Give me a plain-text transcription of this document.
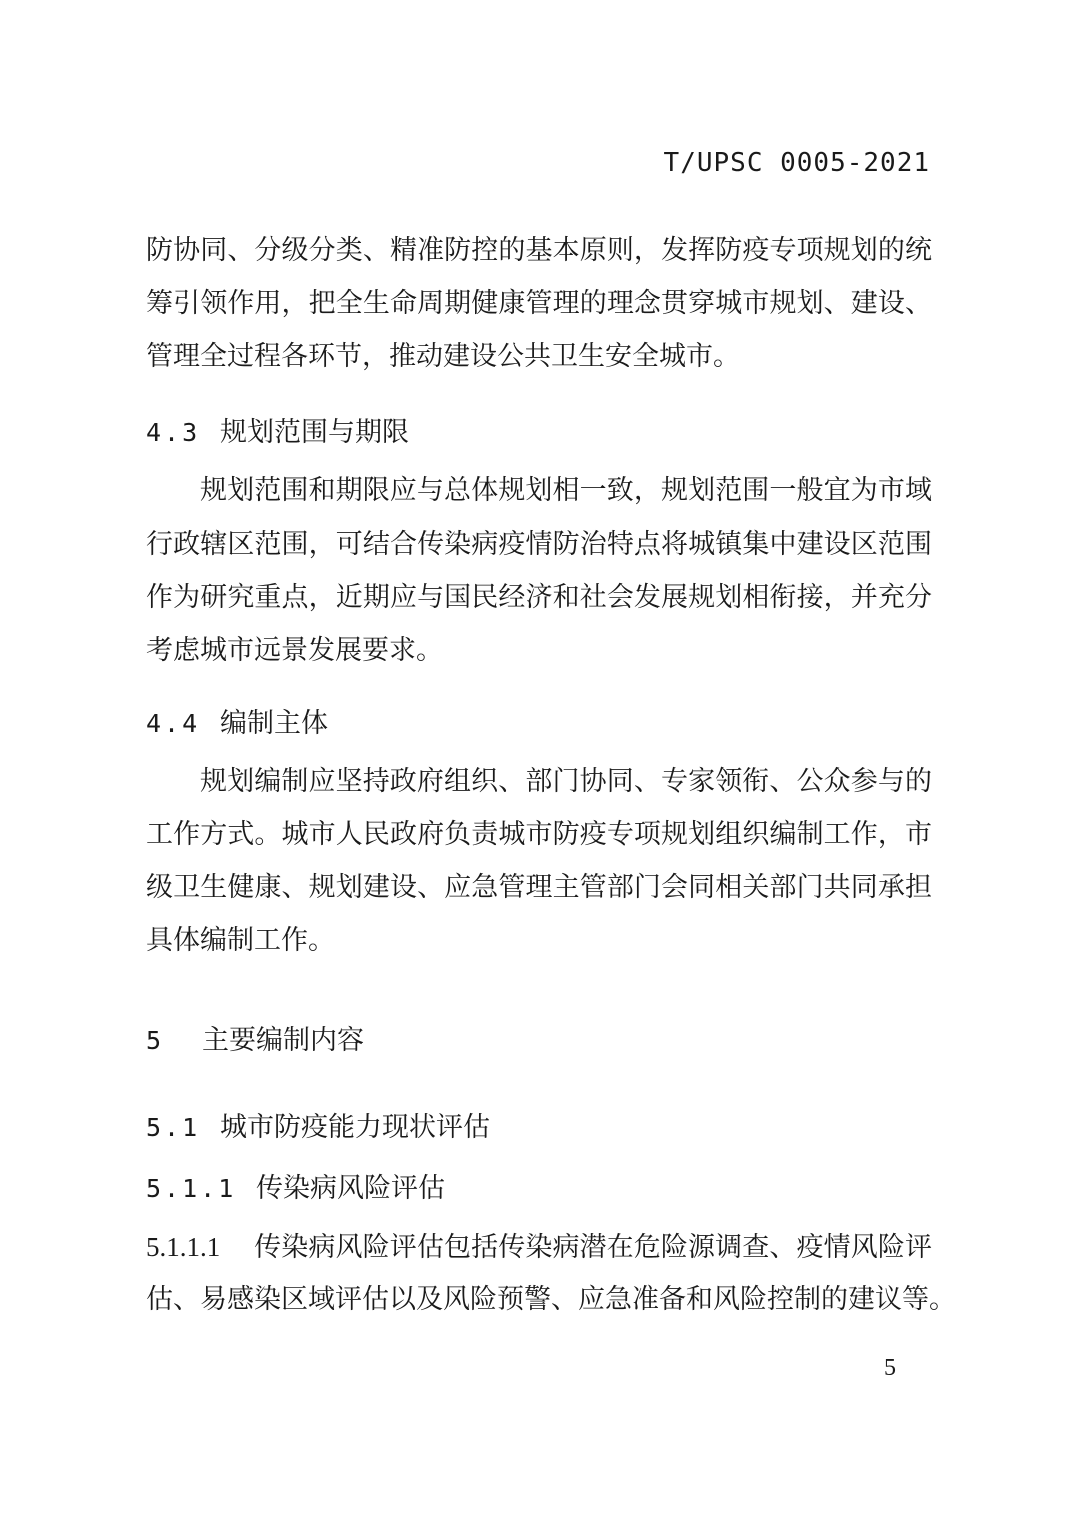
T/UPSC 0005-2021
防协同、分级分类、精准防控的基本原则，发挥防疫专项规划的统
筹引领作用，把全生命周期健康管理的理念贯穿城市规划、建设、
管理全过程各环节，推动建设公共卫生安全城市。
4.3 规划范围与期限
规划范围和期限应与总体规划相一致，规划范围一般宜为市域
行政辖区范围，可结合传染病疫情防治特点将城镇集中建设区范围
作为研究重点，近期应与国民经济和社会发展规划相衔接，并充分
考虑城市远景发展要求。
4.4 编制主体
规划编制应坚持政府组织、部门协同、专家领衔、公众参与的
工作方式。城市人民政府负责城市防疫专项规划组织编制工作，市
级卫生健康、规划建设、应急管理主管部门会同相关部门共同承担
具体编制工作。
5 主要编制内容
5.1 城市防疫能力现状评估
5.1.1 传染病风险评估
5.1.1.1 传染病风险评估包括传染病潜在危险源调查、疫情风险评
估、易感染区域评估以及风险预警、应急准备和风险控制的建议等。
5
